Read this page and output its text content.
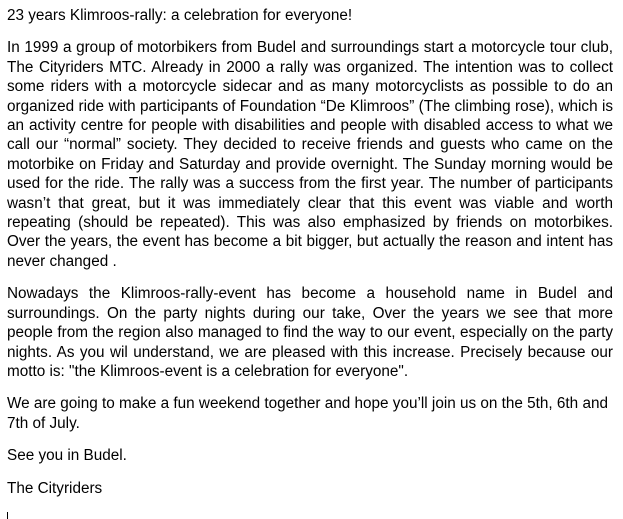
23 years Klimroos-rally: a celebration for everyone!

In 1999 a group of motorbikers from Budel and surroundings start a motorcycle tour club, The Cityriders MTC. Already in 2000 a rally was organized. The intention was to collect some riders with a motorcycle sidecar and as many motorcyclists as possible to do an organized ride with participants of Foundation “De Klimroos” (The climbing rose), which is an activity centre for people with disabilities and people with disabled access to what we call our “normal” society. They decided to receive friends and guests who came on the motorbike on Friday and Saturday and provide overnight. The Sunday morning would be used for the ride. The rally was a success from the first year. The number of participants wasn’t that great, but it was immediately clear that this event was viable and worth repeating (should be repeated). This was also emphasized by friends on motorbikes. Over the years, the event has become a bit bigger, but actually the reason and intent has never changed .

Nowadays the Klimroos-rally-event has become a household name in Budel and surroundings. On the party nights during our take, Over the years we see that more people from the region also managed to find the way to our event, especially on the party nights. As you wil understand, we are pleased with this increase. Precisely because our motto is: "the Klimroos-event is a celebration for everyone".

We are going to make a fun weekend together and hope you’ll join us on the 5th, 6th and 7th of July.

See you in Budel.

The Cityriders
